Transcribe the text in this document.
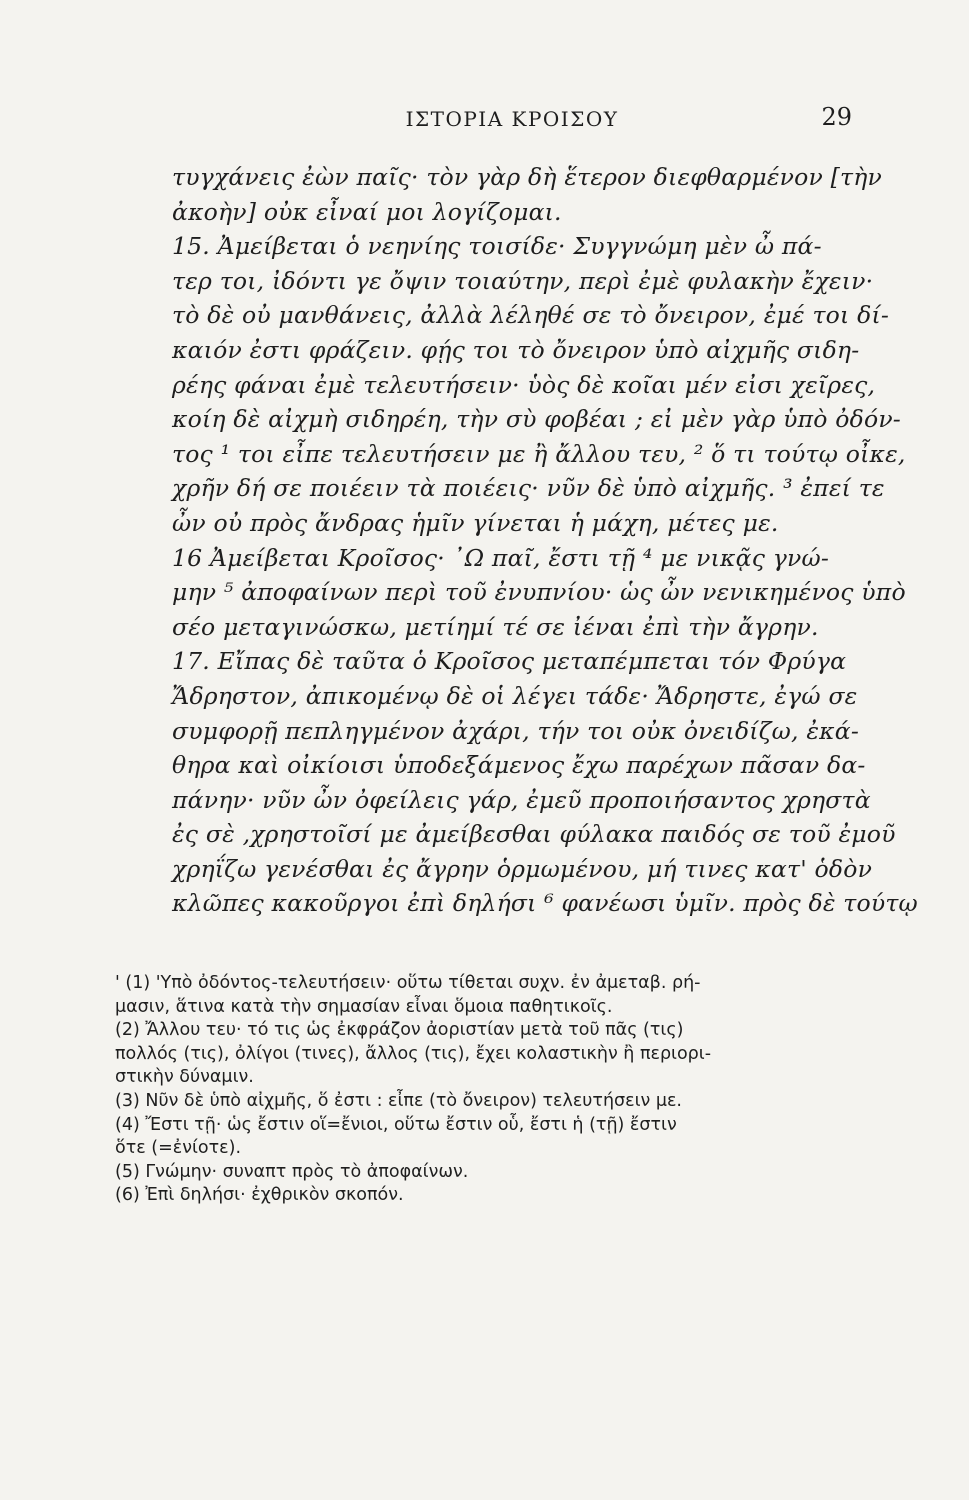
ΙΣΤΟΡΙΑ ΚΡΟΙΣΟΥ	29
τυγχάνεις ἐὼν παῖς· τὸν γὰρ δὴ ἕτερον διεφθαρμένον [τὴν
ἀκοὴν] οὐκ εἶναί μοι λογίζομαι.
15. Ἀμείβεται ὁ νεηνίης τοισίδε· Συγγνώμη μὲν ὦ πά-
τερ τοι, ἰδόντι γε ὄψιν τοιαύτην, περὶ ἐμὲ φυλακὴν ἔχειν·
τὸ δὲ οὐ μανθάνεις, ἀλλὰ λέληθέ σε τὸ ὄνειρον, ἐμέ τοι δί-
καιόν ἐστι φράζειν. φῄς τοι τὸ ὄνειρον ὑπὸ αἰχμῆς σιδη-
ρέης φάναι ἐμὲ τελευτήσειν· ὑὸς δὲ κοῖαι μέν εἰσι χεῖρες,
κοίη δὲ αἰχμὴ σιδηρέη, τὴν σὺ φοβέαι ; εἰ μὲν γὰρ ὑπὸ ὀδόν-
τος ¹ τοι εἶπε τελευτήσειν με ἢ ἄλλου τευ, ² ὅ τι τούτῳ οἶκε,
χρῆν δή σε ποιέειν τὰ ποιέεις· νῦν δὲ ὑπὸ αἰχμῆς. ³ ἐπεί τε
ὦν οὐ πρὸς ἄνδρας ἡμῖν γίνεται ἡ μάχη, μέτες με.
16 Ἀμείβεται Κροῖσος· ᾿Ω παῖ, ἔστι τῇ ⁴ με νικᾷς γνώ-
μην ⁵ ἀποφαίνων περὶ τοῦ ἐνυπνίου· ὡς ὦν νενικημένος ὑπὸ
σέο μεταγινώσκω, μετίημί τέ σε ἰέναι ἐπὶ τὴν ἄγρην.
17. Εἴπας δὲ ταῦτα ὁ Κροῖσος μεταπέμπεται τόν Φρύγα
Ἄδρηστον, ἀπικομένῳ δὲ οἱ λέγει τάδε· Ἄδρηστε, ἐγώ σε
συμφορῇ πεπληγμένον ἀχάρι, τήν τοι οὐκ ὀνειδίζω, ἐκά-
θηρα καὶ οἰκίοισι ὑποδεξάμενος ἔχω παρέχων πᾶσαν δα-
πάνην· νῦν ὦν ὀφείλεις γάρ, ἐμεῦ προποιήσαντος χρηστὰ
ἐς σὲ ,χρηστοῖσί με ἀμείβεσθαι φύλακα παιδός σε τοῦ ἐμοῦ
χρηΐζω γενέσθαι ἐς ἄγρην ὁρμωμένου, μή τινες κατ' ὁδὸν
κλῶπες κακοῦργοι ἐπὶ δηλήσι ⁶ φανέωσι ὑμῖν. πρὸς δὲ τούτῳ
' (1) 'Υπὸ ὀδόντος-τελευτήσειν· οὕτω τίθεται συχν. ἐν ἀμεταβ. ρή-
μασιν, ἅτινα κατὰ τὴν σημασίαν εἶναι ὅμοια παθητικοῖς.
(2) Ἄλλου τευ· τό τις ὡς ἐκφράζον ἀοριστίαν μετὰ τοῦ πᾶς (τις)
πολλός (τις), ὀλίγοι (τινες), ἄλλος (τις), ἔχει κολαστικὴν ἢ περιορι-
στικὴν δύναμιν.
(3) Νῦν δὲ ὑπὸ αἰχμῆς, ὅ ἐστι : εἶπε (τὸ ὄνειρον) τελευτήσειν με.
(4) Ἔστι τῇ· ὡς ἔστιν οἵ=ἔνιοι, οὕτω ἔστιν οὗ, ἔστι ἡ (τῇ) ἔστιν
ὅτε (=ἐνίοτε).
(5) Γνώμην· συναπτ πρὸς τὸ ἀποφαίνων.
(6) Ἐπὶ δηλήσι· ἐχθρικὸν σκοπόν.
